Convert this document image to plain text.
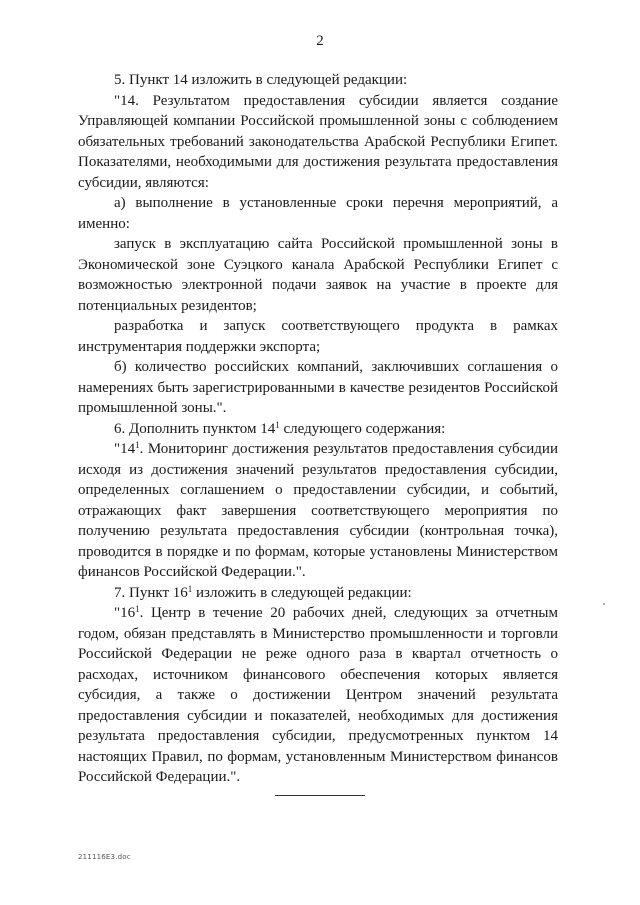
2

5. Пункт 14 изложить в следующей редакции:

"14. Результатом предоставления субсидии является создание Управляющей компании Российской промышленной зоны с соблюдением обязательных требований законодательства Арабской Республики Египет. Показателями, необходимыми для достижения результата предоставления субсидии, являются:

а) выполнение в установленные сроки перечня мероприятий, а именно:

запуск в эксплуатацию сайта Российской промышленной зоны в Экономической зоне Суэцкого канала Арабской Республики Египет с возможностью электронной подачи заявок на участие в проекте для потенциальных резидентов;

разработка и запуск соответствующего продукта в рамках инструментария поддержки экспорта;

б) количество российских компаний, заключивших соглашения о намерениях быть зарегистрированными в качестве резидентов Российской промышленной зоны.".

6. Дополнить пунктом $14^1$ следующего содержания:

"$14^1$. Мониторинг достижения результатов предоставления субсидии исходя из достижения значений результатов предоставления субсидии, определенных соглашением о предоставлении субсидии, и событий, отражающих факт завершения соответствующего мероприятия по получению результата предоставления субсидии (контрольная точка), проводится в порядке и по формам, которые установлены Министерством финансов Российской Федерации.".

7. Пункт $16^1$ изложить в следующей редакции:

"$16^1$. Центр в течение 20 рабочих дней, следующих за отчетным годом, обязан представлять в Министерство промышленности и торговли Российской Федерации не реже одного раза в квартал отчетность о расходах, источником финансового обеспечения которых является субсидия, а также о достижении Центром значений результата предоставления субсидии и показателей, необходимых для достижения результата предоставления субсидии, предусмотренных пунктом 14 настоящих Правил, по формам, установленным Министерством финансов Российской Федерации.".

211116E3.doc
